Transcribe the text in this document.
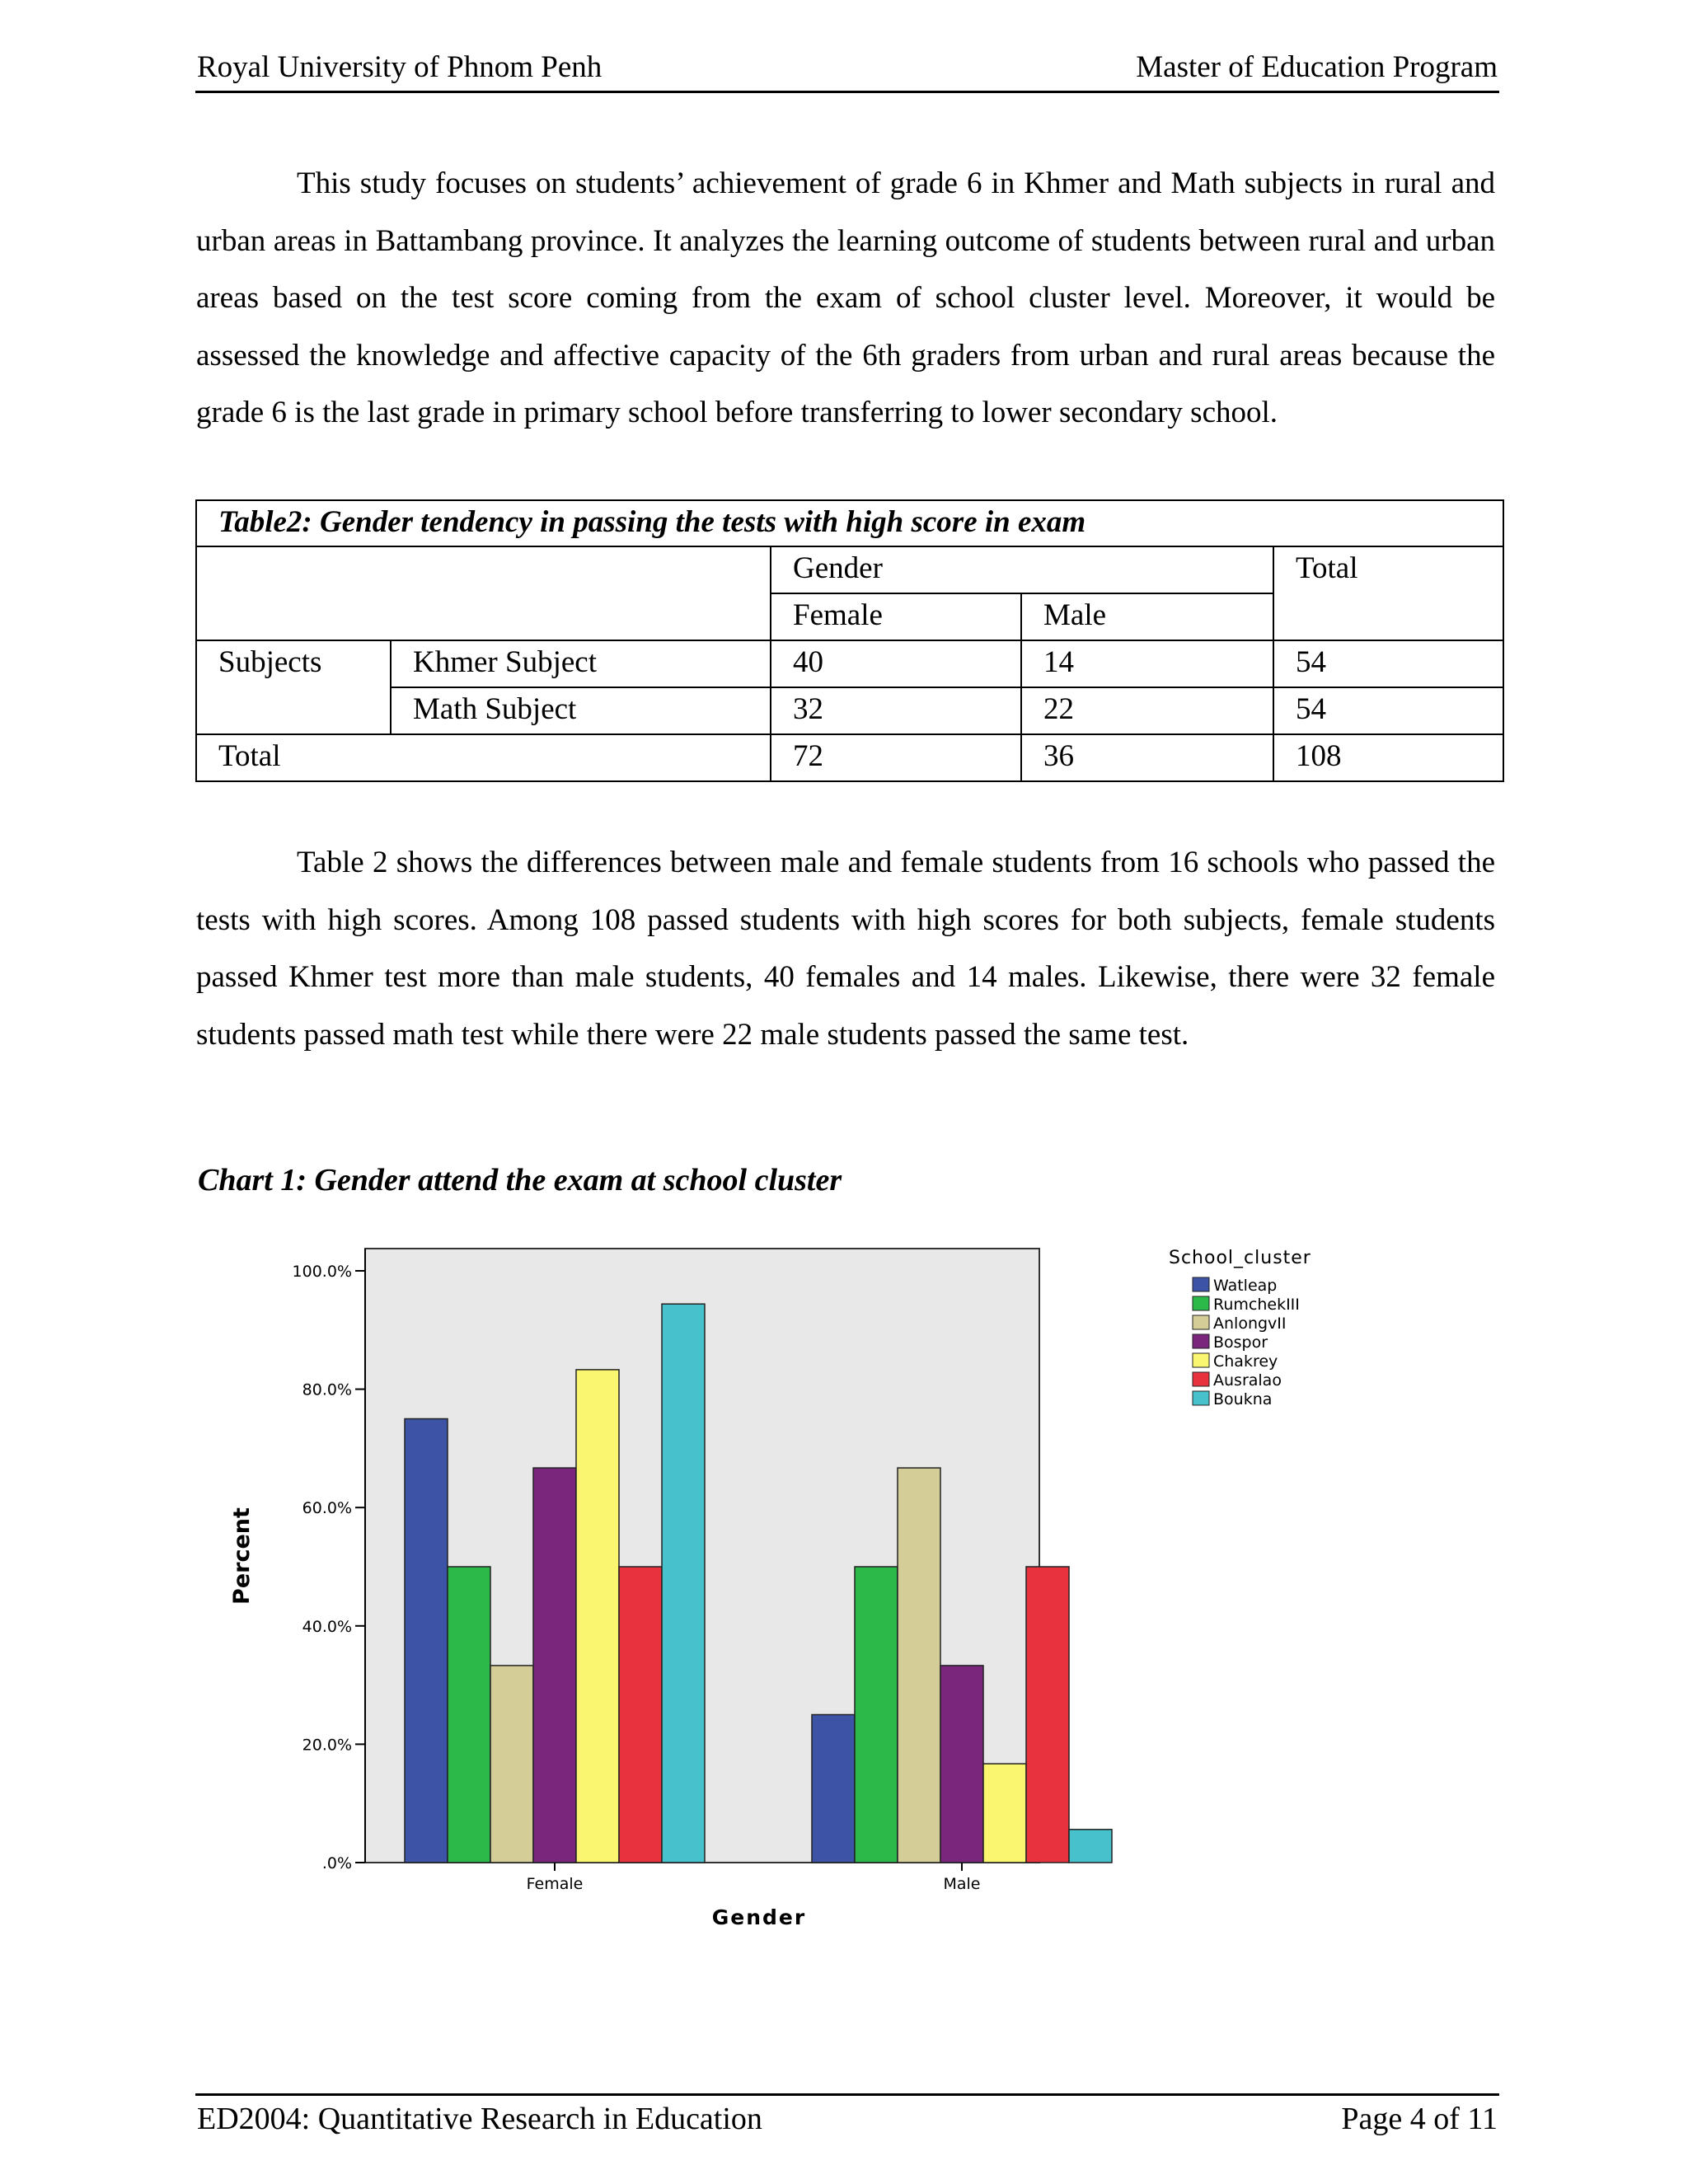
Royal University of Phnom Penh	Master of Education Program

This study focuses on students’ achievement of grade 6 in Khmer and Math subjects in rural and urban areas in Battambang province. It analyzes the learning outcome of students between rural and urban areas based on the test score coming from the exam of school cluster level. Moreover, it would be assessed the knowledge and affective capacity of the 6th graders from urban and rural areas because the grade 6 is the last grade in primary school before transferring to lower secondary school.

Table2: Gender tendency in passing the tests with high score in exam				
		Gender		Total
		Female	Male	
Subjects	Khmer Subject	40	14	54
	Math Subject	32	22	54
Total		72	36	108

Table 2 shows the differences between male and female students from 16 schools who passed the tests with high scores. Among 108 passed students with high scores for both subjects, female students passed Khmer test more than male students, 40 females and 14 males. Likewise, there were 32 female students passed math test while there were 22 male students passed the same test.

Chart 1: Gender attend the exam at school cluster
.0%
20.0%
40.0%
60.0%
80.0%
100.0%
Female	Male
Percent
Gender
School_cluster
Watleap
RumchekIII
AnlongvII
Bospor
Chakrey
Ausralao
Boukna
ED2004: Quantitative Research in Education	Page 4 of 11
